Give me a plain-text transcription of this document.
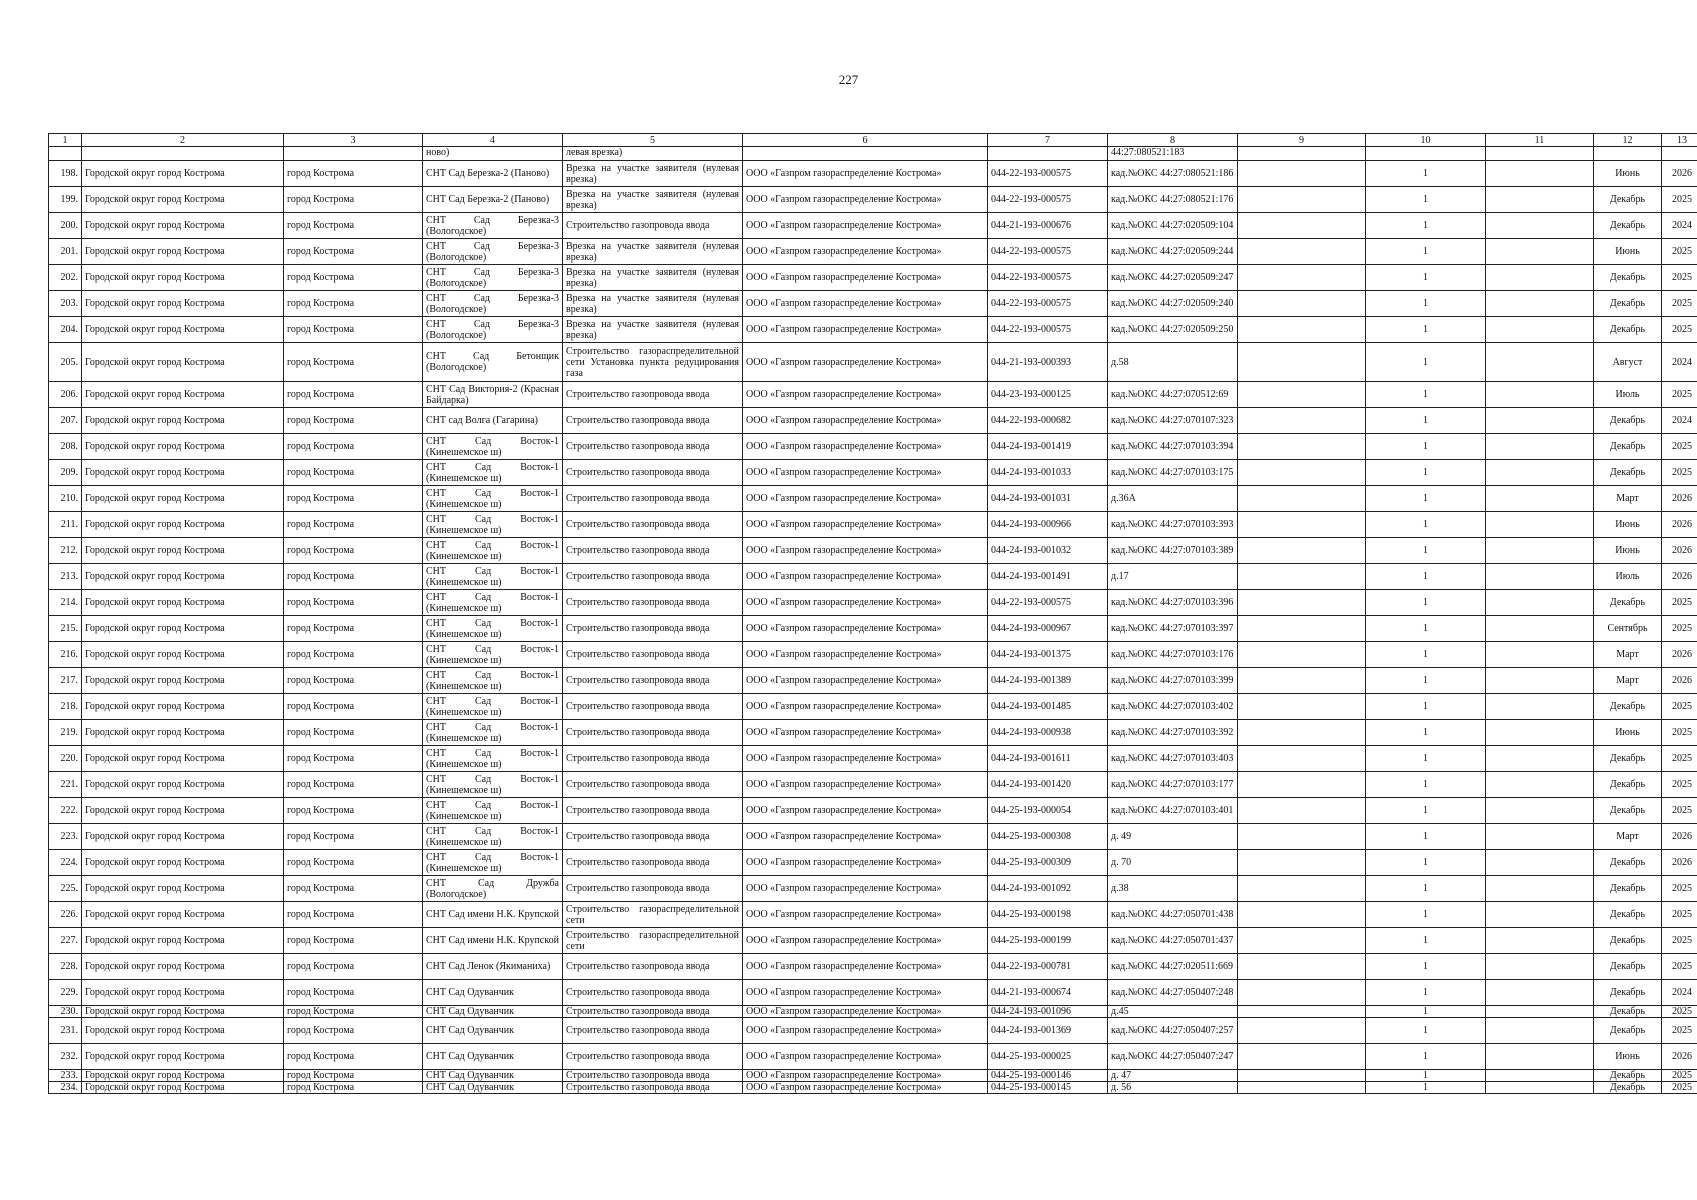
227
1	2	3	4	5	6	7	8	9	10	11	12	13
			ново)	левая врезка)			44:27:080521:183					
198.	Городской округ город Кострома	город Кострома	СНТ Сад Березка-2 (Паново)	Врезка на участке заявителя (нулевая врезка)	ООО «Газпром газораспределение Кострома»	044-22-193-000575	кад.№ОКС 44:27:080521:186		1		Июнь	2026
199.	Городской округ город Кострома	город Кострома	СНТ Сад Березка-2 (Паново)	Врезка на участке заявителя (нулевая врезка)	ООО «Газпром газораспределение Кострома»	044-22-193-000575	кад.№ОКС 44:27:080521:176		1		Декабрь	2025
200.	Городской округ город Кострома	город Кострома	СНТ Сад Березка-3 (Вологодское)	Строительство газопровода ввода	ООО «Газпром газораспределение Кострома»	044-21-193-000676	кад.№ОКС 44:27:020509:104		1		Декабрь	2024
201.	Городской округ город Кострома	город Кострома	СНТ Сад Березка-3 (Вологодское)	Врезка на участке заявителя (нулевая врезка)	ООО «Газпром газораспределение Кострома»	044-22-193-000575	кад.№ОКС 44:27:020509:244		1		Июнь	2025
202.	Городской округ город Кострома	город Кострома	СНТ Сад Березка-3 (Вологодское)	Врезка на участке заявителя (нулевая врезка)	ООО «Газпром газораспределение Кострома»	044-22-193-000575	кад.№ОКС 44:27:020509:247		1		Декабрь	2025
203.	Городской округ город Кострома	город Кострома	СНТ Сад Березка-3 (Вологодское)	Врезка на участке заявителя (нулевая врезка)	ООО «Газпром газораспределение Кострома»	044-22-193-000575	кад.№ОКС 44:27:020509:240		1		Декабрь	2025
204.	Городской округ город Кострома	город Кострома	СНТ Сад Березка-3 (Вологодское)	Врезка на участке заявителя (нулевая врезка)	ООО «Газпром газораспределение Кострома»	044-22-193-000575	кад.№ОКС 44:27:020509:250		1		Декабрь	2025
205.	Городской округ город Кострома	город Кострома	СНТ Сад Бетонщик (Вологодское)	Строительство газораспределительной сети Установка пункта редуцирования газа	ООО «Газпром газораспределение Кострома»	044-21-193-000393	д.58		1		Август	2024
206.	Городской округ город Кострома	город Кострома	СНТ Сад Виктория-2 (Красная Байдарка)	Строительство газопровода ввода	ООО «Газпром газораспределение Кострома»	044-23-193-000125	кад.№ОКС 44:27:070512:69		1		Июль	2025
207.	Городской округ город Кострома	город Кострома	СНТ сад Волга (Гагарина)	Строительство газопровода ввода	ООО «Газпром газораспределение Кострома»	044-22-193-000682	кад.№ОКС 44:27:070107:323		1		Декабрь	2024
208.	Городской округ город Кострома	город Кострома	СНТ Сад Восток-1 (Кинешемское ш)	Строительство газопровода ввода	ООО «Газпром газораспределение Кострома»	044-24-193-001419	кад.№ОКС 44:27:070103:394		1		Декабрь	2025
209.	Городской округ город Кострома	город Кострома	СНТ Сад Восток-1 (Кинешемское ш)	Строительство газопровода ввода	ООО «Газпром газораспределение Кострома»	044-24-193-001033	кад.№ОКС 44:27:070103:175		1		Декабрь	2025
210.	Городской округ город Кострома	город Кострома	СНТ Сад Восток-1 (Кинешемское ш)	Строительство газопровода ввода	ООО «Газпром газораспределение Кострома»	044-24-193-001031	д.36А		1		Март	2026
211.	Городской округ город Кострома	город Кострома	СНТ Сад Восток-1 (Кинешемское ш)	Строительство газопровода ввода	ООО «Газпром газораспределение Кострома»	044-24-193-000966	кад.№ОКС 44:27:070103:393		1		Июнь	2026
212.	Городской округ город Кострома	город Кострома	СНТ Сад Восток-1 (Кинешемское ш)	Строительство газопровода ввода	ООО «Газпром газораспределение Кострома»	044-24-193-001032	кад.№ОКС 44:27:070103:389		1		Июнь	2026
213.	Городской округ город Кострома	город Кострома	СНТ Сад Восток-1 (Кинешемское ш)	Строительство газопровода ввода	ООО «Газпром газораспределение Кострома»	044-24-193-001491	д.17		1		Июль	2026
214.	Городской округ город Кострома	город Кострома	СНТ Сад Восток-1 (Кинешемское ш)	Строительство газопровода ввода	ООО «Газпром газораспределение Кострома»	044-22-193-000575	кад.№ОКС 44:27:070103:396		1		Декабрь	2025
215.	Городской округ город Кострома	город Кострома	СНТ Сад Восток-1 (Кинешемское ш)	Строительство газопровода ввода	ООО «Газпром газораспределение Кострома»	044-24-193-000967	кад.№ОКС 44:27:070103:397		1		Сентябрь	2025
216.	Городской округ город Кострома	город Кострома	СНТ Сад Восток-1 (Кинешемское ш)	Строительство газопровода ввода	ООО «Газпром газораспределение Кострома»	044-24-193-001375	кад.№ОКС 44:27:070103:176		1		Март	2026
217.	Городской округ город Кострома	город Кострома	СНТ Сад Восток-1 (Кинешемское ш)	Строительство газопровода ввода	ООО «Газпром газораспределение Кострома»	044-24-193-001389	кад.№ОКС 44:27:070103:399		1		Март	2026
218.	Городской округ город Кострома	город Кострома	СНТ Сад Восток-1 (Кинешемское ш)	Строительство газопровода ввода	ООО «Газпром газораспределение Кострома»	044-24-193-001485	кад.№ОКС 44:27:070103:402		1		Декабрь	2025
219.	Городской округ город Кострома	город Кострома	СНТ Сад Восток-1 (Кинешемское ш)	Строительство газопровода ввода	ООО «Газпром газораспределение Кострома»	044-24-193-000938	кад.№ОКС 44:27:070103:392		1		Июнь	2025
220.	Городской округ город Кострома	город Кострома	СНТ Сад Восток-1 (Кинешемское ш)	Строительство газопровода ввода	ООО «Газпром газораспределение Кострома»	044-24-193-001611	кад.№ОКС 44:27:070103:403		1		Декабрь	2025
221.	Городской округ город Кострома	город Кострома	СНТ Сад Восток-1 (Кинешемское ш)	Строительство газопровода ввода	ООО «Газпром газораспределение Кострома»	044-24-193-001420	кад.№ОКС 44:27:070103:177		1		Декабрь	2025
222.	Городской округ город Кострома	город Кострома	СНТ Сад Восток-1 (Кинешемское ш)	Строительство газопровода ввода	ООО «Газпром газораспределение Кострома»	044-25-193-000054	кад.№ОКС 44:27:070103:401		1		Декабрь	2025
223.	Городской округ город Кострома	город Кострома	СНТ Сад Восток-1 (Кинешемское ш)	Строительство газопровода ввода	ООО «Газпром газораспределение Кострома»	044-25-193-000308	д. 49		1		Март	2026
224.	Городской округ город Кострома	город Кострома	СНТ Сад Восток-1 (Кинешемское ш)	Строительство газопровода ввода	ООО «Газпром газораспределение Кострома»	044-25-193-000309	д. 70		1		Декабрь	2026
225.	Городской округ город Кострома	город Кострома	СНТ Сад Дружба (Вологодское)	Строительство газопровода ввода	ООО «Газпром газораспределение Кострома»	044-24-193-001092	д.38		1		Декабрь	2025
226.	Городской округ город Кострома	город Кострома	СНТ Сад имени Н.К. Крупской	Строительство газораспределительной сети	ООО «Газпром газораспределение Кострома»	044-25-193-000198	кад.№ОКС 44:27:050701:438		1		Декабрь	2025
227.	Городской округ город Кострома	город Кострома	СНТ Сад имени Н.К. Крупской	Строительство газораспределительной сети	ООО «Газпром газораспределение Кострома»	044-25-193-000199	кад.№ОКС 44:27:050701:437		1		Декабрь	2025
228.	Городской округ город Кострома	город Кострома	СНТ Сад Ленок (Якиманиха)	Строительство газопровода ввода	ООО «Газпром газораспределение Кострома»	044-22-193-000781	кад.№ОКС 44:27:020511:669		1		Декабрь	2025
229.	Городской округ город Кострома	город Кострома	СНТ Сад Одуванчик	Строительство газопровода ввода	ООО «Газпром газораспределение Кострома»	044-21-193-000674	кад.№ОКС 44:27:050407:248		1		Декабрь	2024
230.	Городской округ город Кострома	город Кострома	СНТ Сад Одуванчик	Строительство газопровода ввода	ООО «Газпром газораспределение Кострома»	044-24-193-001096	д.45		1		Декабрь	2025
231.	Городской округ город Кострома	город Кострома	СНТ Сад Одуванчик	Строительство газопровода ввода	ООО «Газпром газораспределение Кострома»	044-24-193-001369	кад.№ОКС 44:27:050407:257		1		Декабрь	2025
232.	Городской округ город Кострома	город Кострома	СНТ Сад Одуванчик	Строительство газопровода ввода	ООО «Газпром газораспределение Кострома»	044-25-193-000025	кад.№ОКС 44:27:050407:247		1		Июнь	2026
233.	Городской округ город Кострома	город Кострома	СНТ Сад Одуванчик	Строительство газопровода ввода	ООО «Газпром газораспределение Кострома»	044-25-193-000146	д. 47		1		Декабрь	2025
234.	Городской округ город Кострома	город Кострома	СНТ Сад Одуванчик	Строительство газопровода ввода	ООО «Газпром газораспределение Кострома»	044-25-193-000145	д. 56		1		Декабрь	2025
